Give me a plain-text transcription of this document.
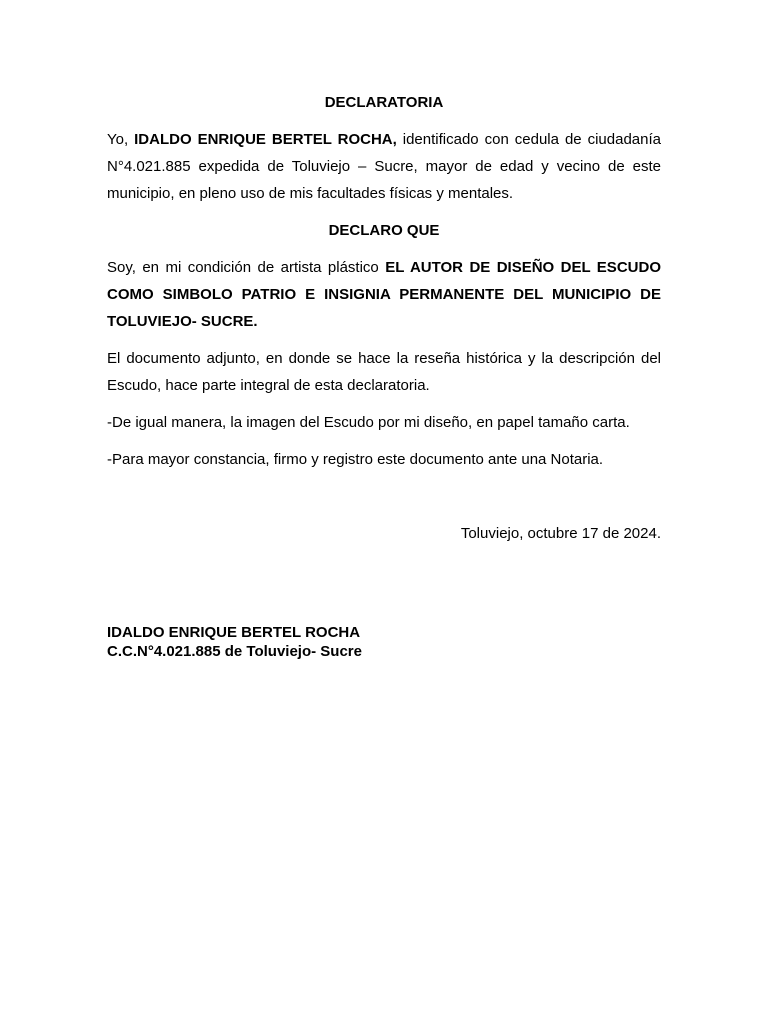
DECLARATORIA

Yo, IDALDO ENRIQUE BERTEL ROCHA, identificado con cedula de ciudadanía N°4.021.885 expedida de Toluviejo – Sucre, mayor de edad y vecino de este municipio, en pleno uso de mis facultades físicas y mentales.

DECLARO QUE

Soy, en mi condición de artista plástico EL AUTOR DE DISEÑO DEL ESCUDO COMO SIMBOLO PATRIO E INSIGNIA PERMANENTE DEL MUNICIPIO DE TOLUVIEJO- SUCRE.

El documento adjunto, en donde se hace la reseña histórica y la descripción del Escudo, hace parte integral de esta declaratoria.

-De igual manera, la imagen del Escudo por mi diseño, en papel tamaño carta.

-Para mayor constancia, firmo y registro este documento ante una Notaria.

Toluviejo, octubre 17 de 2024.

IDALDO ENRIQUE BERTEL ROCHA
C.C.N°4.021.885 de Toluviejo- Sucre
